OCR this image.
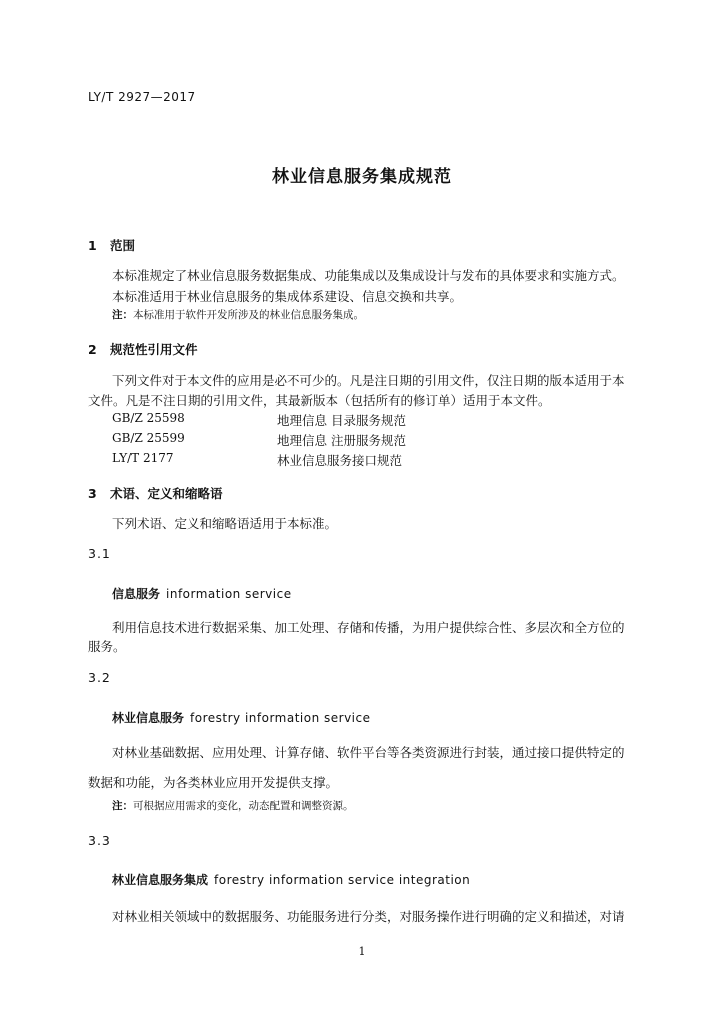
LY/T 2927—2017
林业信息服务集成规范
1 范围
本标准规定了林业信息服务数据集成、功能集成以及集成设计与发布的具体要求和实施方式。
本标准适用于林业信息服务的集成体系建设、信息交换和共享。
注：本标准用于软件开发所涉及的林业信息服务集成。
2 规范性引用文件
下列文件对于本文件的应用是必不可少的。凡是注日期的引用文件，仅注日期的版本适用于本
文件。凡是不注日期的引用文件，其最新版本（包括所有的修订单）适用于本文件。
GB/Z 25598	地理信息 目录服务规范
GB/Z 25599	地理信息 注册服务规范
LY/T 2177	林业信息服务接口规范
3 术语、定义和缩略语
下列术语、定义和缩略语适用于本标准。
3.1
信息服务 information service
利用信息技术进行数据采集、加工处理、存储和传播，为用户提供综合性、多层次和全方位的
服务。
3.2
林业信息服务 forestry information service
对林业基础数据、应用处理、计算存储、软件平台等各类资源进行封装，通过接口提供特定的
数据和功能，为各类林业应用开发提供支撑。
注：可根据应用需求的变化，动态配置和调整资源。
3.3
林业信息服务集成 forestry information service integration
对林业相关领域中的数据服务、功能服务进行分类，对服务操作进行明确的定义和描述，对请
1
